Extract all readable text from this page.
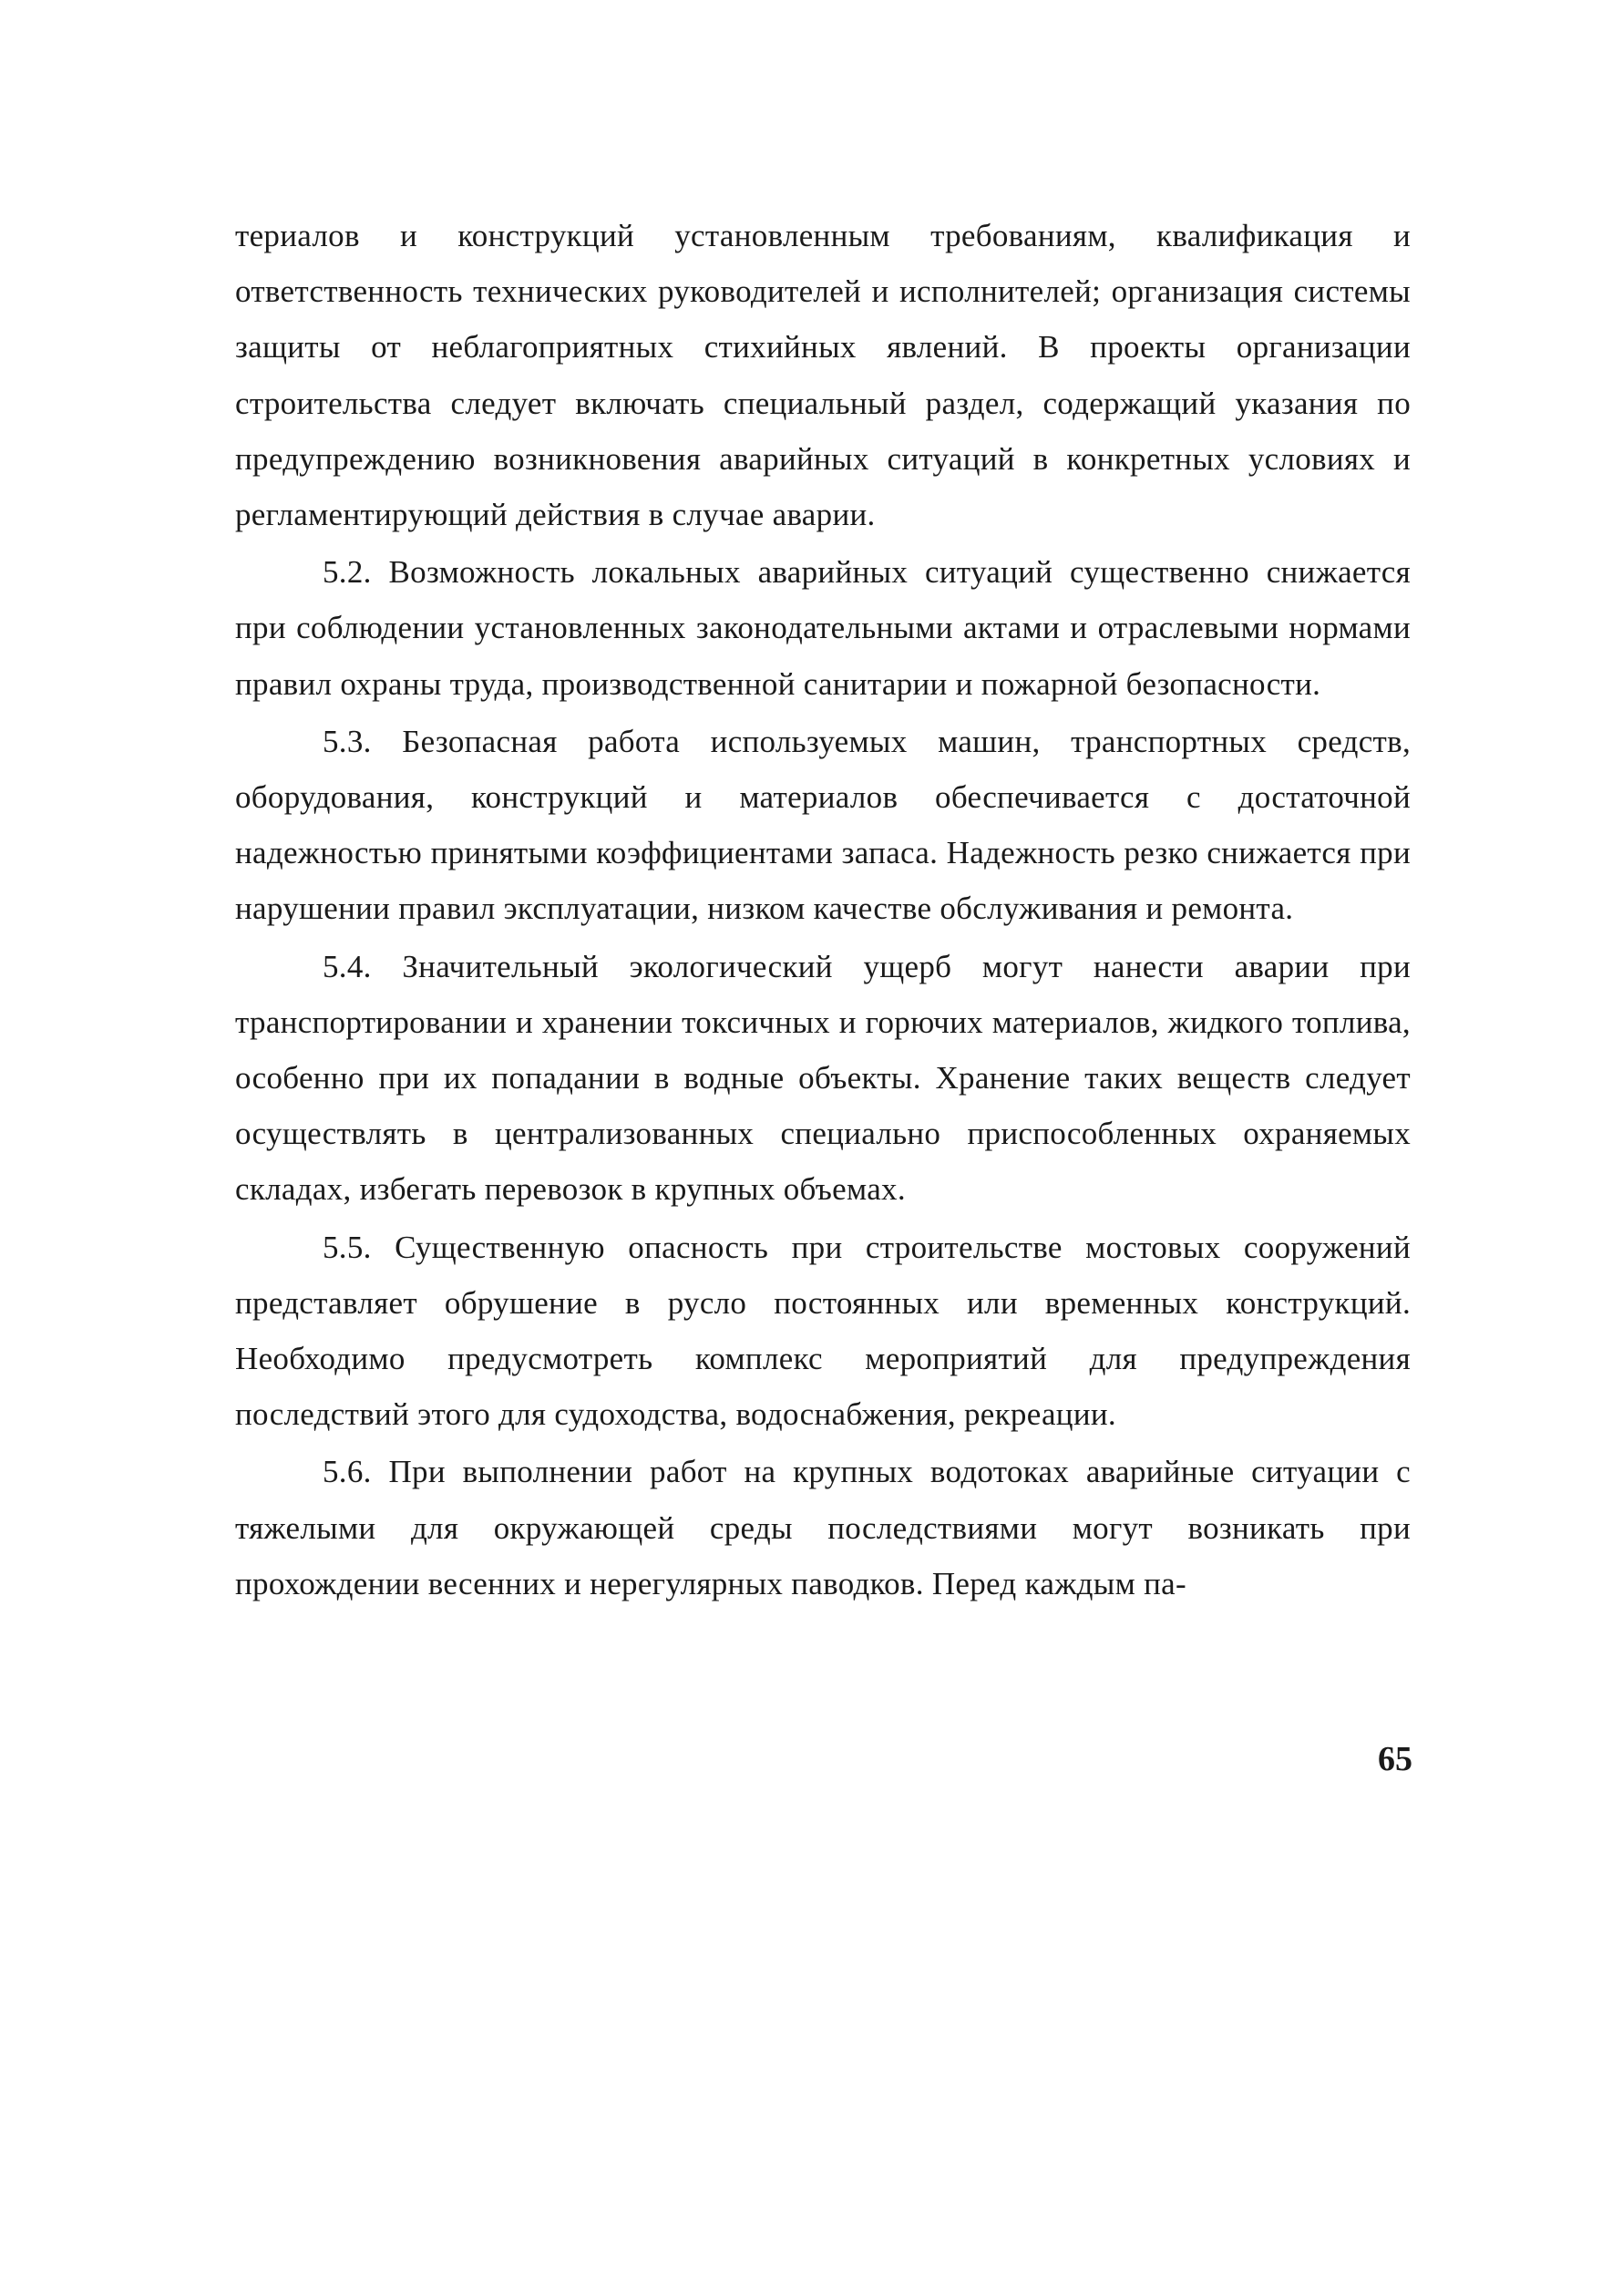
териалов и конструкций установленным требованиям, квалификация и ответственность технических руководителей и исполнителей; организация системы защиты от неблагоприятных стихийных явлений. В проекты организации строительства следует включать специальный раздел, содержащий указания по предупреждению возникновения аварийных ситуаций в конкретных условиях и регламентирующий действия в случае аварии.

5.2. Возможность локальных аварийных ситуаций существенно снижается при соблюдении установленных законодательными актами и отраслевыми нормами правил охраны труда, производственной санитарии и пожарной безопасности.

5.3. Безопасная работа используемых машин, транспортных средств, оборудования, конструкций и материалов обеспечивается с достаточной надежностью принятыми коэффициентами запаса. Надежность резко снижается при нарушении правил эксплуатации, низком качестве обслуживания и ремонта.

5.4. Значительный экологический ущерб могут нанести аварии при транспортировании и хранении токсичных и горючих материалов, жидкого топлива, особенно при их попадании в водные объекты. Хранение таких веществ следует осуществлять в централизованных специально приспособленных охраняемых складах, избегать перевозок в крупных объемах.

5.5. Существенную опасность при строительстве мостовых сооружений представляет обрушение в русло постоянных или временных конструкций. Необходимо предусмотреть комплекс мероприятий для предупреждения последствий этого для судоходства, водоснабжения, рекреации.

5.6. При выполнении работ на крупных водотоках аварийные ситуации с тяжелыми для окружающей среды последствиями могут возникать при прохождении весенних и нерегулярных паводков. Перед каждым па-

65
